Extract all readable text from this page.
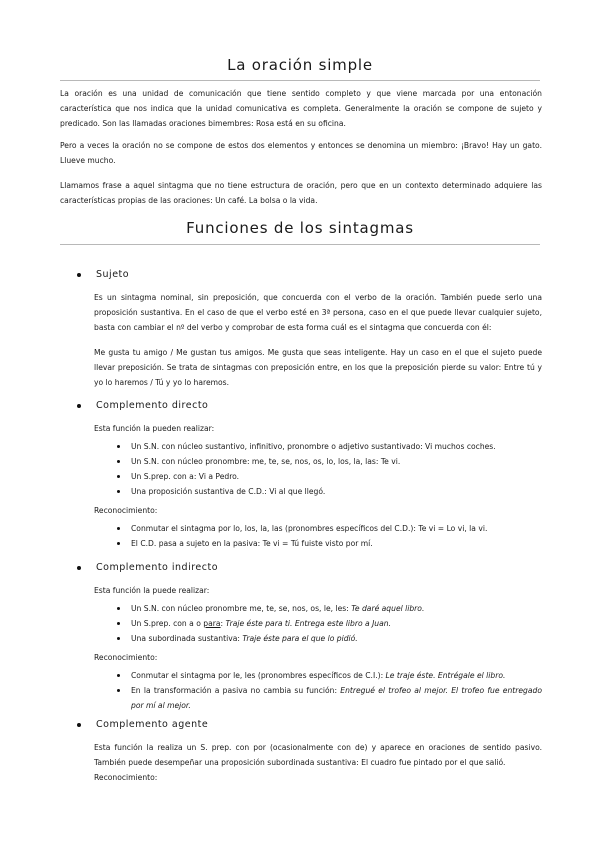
La oración simple
La oración es una unidad de comunicación que tiene sentido completo y que viene marcada por una entonación característica que nos indica que la unidad comunicativa es completa. Generalmente la oración se compone de sujeto y predicado. Son las llamadas oraciones bimembres: Rosa está en su oficina.
Pero a veces la oración no se compone de estos dos elementos y entonces se denomina un miembro: ¡Bravo! Hay un gato. Llueve mucho.
Llamamos frase a aquel sintagma que no tiene estructura de oración, pero que en un contexto determinado adquiere las características propias de las oraciones: Un café. La bolsa o la vida.
Funciones de los sintagmas
Sujeto
Es un sintagma nominal, sin preposición, que concuerda con el verbo de la oración. También puede serlo una proposición sustantiva. En el caso de que el verbo esté en 3ª persona, caso en el que puede llevar cualquier sujeto, basta con cambiar el nº del verbo y comprobar de esta forma cuál es el sintagma que concuerda con él:
Me gusta tu amigo / Me gustan tus amigos. Me gusta que seas inteligente. Hay un caso en el que el sujeto puede llevar preposición. Se trata de sintagmas con preposición entre, en los que la preposición pierde su valor: Entre tú y yo lo haremos / Tú y yo lo haremos.
Complemento directo
Esta función la pueden realizar:
Un S.N. con núcleo sustantivo, infinitivo, pronombre o adjetivo sustantivado: Vi muchos coches.
Un S.N. con núcleo pronombre: me, te, se, nos, os, lo, los, la, las: Te vi.
Un S.prep. con a: Vi a Pedro.
Una proposición sustantiva de C.D.: Vi al que llegó.
Reconocimiento:
Conmutar el sintagma por lo, los, la, las (pronombres específicos del C.D.): Te vi = Lo vi, la vi.
El C.D. pasa a sujeto en la pasiva: Te vi = Tú fuiste visto por mí.
Complemento indirecto
Esta función la puede realizar:
Un S.N. con núcleo pronombre me, te, se, nos, os, le, les: Te daré aquel libro.
Un S.prep. con a o para: Traje éste para ti. Entrega este libro a Juan.
Una subordinada sustantiva: Traje éste para el que lo pidió.
Reconocimiento:
Conmutar el sintagma por le, les (pronombres específicos de C.I.): Le traje éste. Entrégale el libro.
En la transformación a pasiva no cambia su función: Entregué el trofeo al mejor. El trofeo fue entregado por mí al mejor.
Complemento agente
Esta función la realiza un S. prep. con por (ocasionalmente con de) y aparece en oraciones de sentido pasivo. También puede desempeñar una proposición subordinada sustantiva: El cuadro fue pintado por el que salió.
Reconocimiento:
